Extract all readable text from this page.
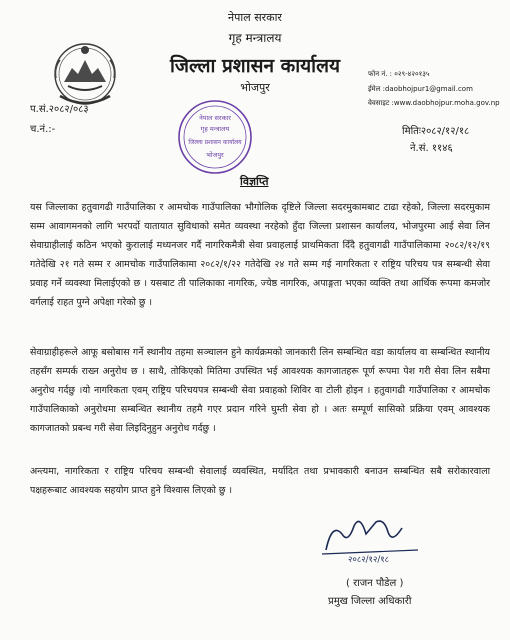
नेपाल सरकार
गृह मन्त्रालय
जिल्ला प्रशासन कार्यालय
भोजपुर
फोन नं. : ०२९-४२०१३५
ईमेल :daobhojpur1@gmail.com
वेवसाइट :www.daobhojpur.moha.gov.np
प.सं.२०८२/०८३
च.नं.:-	मितिः२०८२/१२/१८
ने.सं. ११४६
नेपाल सरकार
गृह मन्त्रालय
जिल्ला प्रशासन कार्यालय
भोजपुर
विज्ञप्ति
यस जिल्लाका हतुवागढी गाउँपालिका र आमचोक गाउँपालिका भौगोलिक दृष्टिले जिल्ला सदरमुकामबाट टाढा रहेको, जिल्ला सदरमुकाम सम्म आवागमनको लागि भरपर्दो यातायात सुविधाको समेत व्यवस्था नरहेको हुँदा जिल्ला प्रशासन कार्यालय, भोजपुरमा आई सेवा लिन सेवाग्राहीलाई कठिन भएको कुरालाई मध्यनजर गर्दै नागरिकमैत्री सेवा प्रवाहलाई प्राथमिकता दिँदै हतुवागढी गाउँपालिकामा २०८२/१२/१९ गतेदेखि २१ गते सम्म र आमचोक गाउँपालिकामा २०८२/१/२२ गतेदेखि २४ गते सम्म गई नागरिकता र राष्ट्रिय परिचय पत्र सम्बन्धी सेवा प्रवाह गर्ने व्यवस्था मिलाईएको छ । यसबाट ती पालिकाका नागरिक, ज्येष्ठ नागरिक, अपाङ्गता भएका व्यक्ति तथा आर्थिक रूपमा कमजोर वर्गलाई राहत पुग्ने अपेक्षा गरेको छु ।
सेवाग्राहीहरूले आफू बसोबास गर्ने स्थानीय तहमा सञ्चालन हुने कार्यक्रमको जानकारी लिन सम्बन्धित वडा कार्यालय वा सम्बन्धित स्थानीय तहसँग सम्पर्क राख्न अनुरोध छ । साथै, तोकिएको मितिमा उपस्थित भई आवश्यक कागजातहरू पूर्ण रूपमा पेश गरी सेवा लिन सबैमा अनुरोध गर्दछु ।यो नागरिकता एवम् राष्ट्रिय परिचयपत्र सम्बन्धी सेवा प्रवाहको शिविर वा टोली होइन । हतुवागढी गाउँपालिका र आमचोक गाउँपालिकाको अनुरोधमा सम्बन्धित स्थानीय तहमै गएर प्रदान गरिने घुम्ती सेवा हो । अतः सम्पूर्ण सासिको प्रक्रिया एवम् आवश्यक कागजातको प्रबन्ध गरी सेवा लिइदिनुहुन अनुरोध गर्दछु ।
अन्त्यमा, नागरिकता र राष्ट्रिय परिचय सम्बन्धी सेवालाई व्यवस्थित, मर्यादित तथा प्रभावकारी बनाउन सम्बन्धित सबै सरोकारवाला पक्षहरूबाट आवश्यक सहयोग प्राप्त हुने विश्वास लिएको छु ।
२०८२/१२/१८
( राजन पौडेल )
प्रमुख जिल्ला अधिकारी
